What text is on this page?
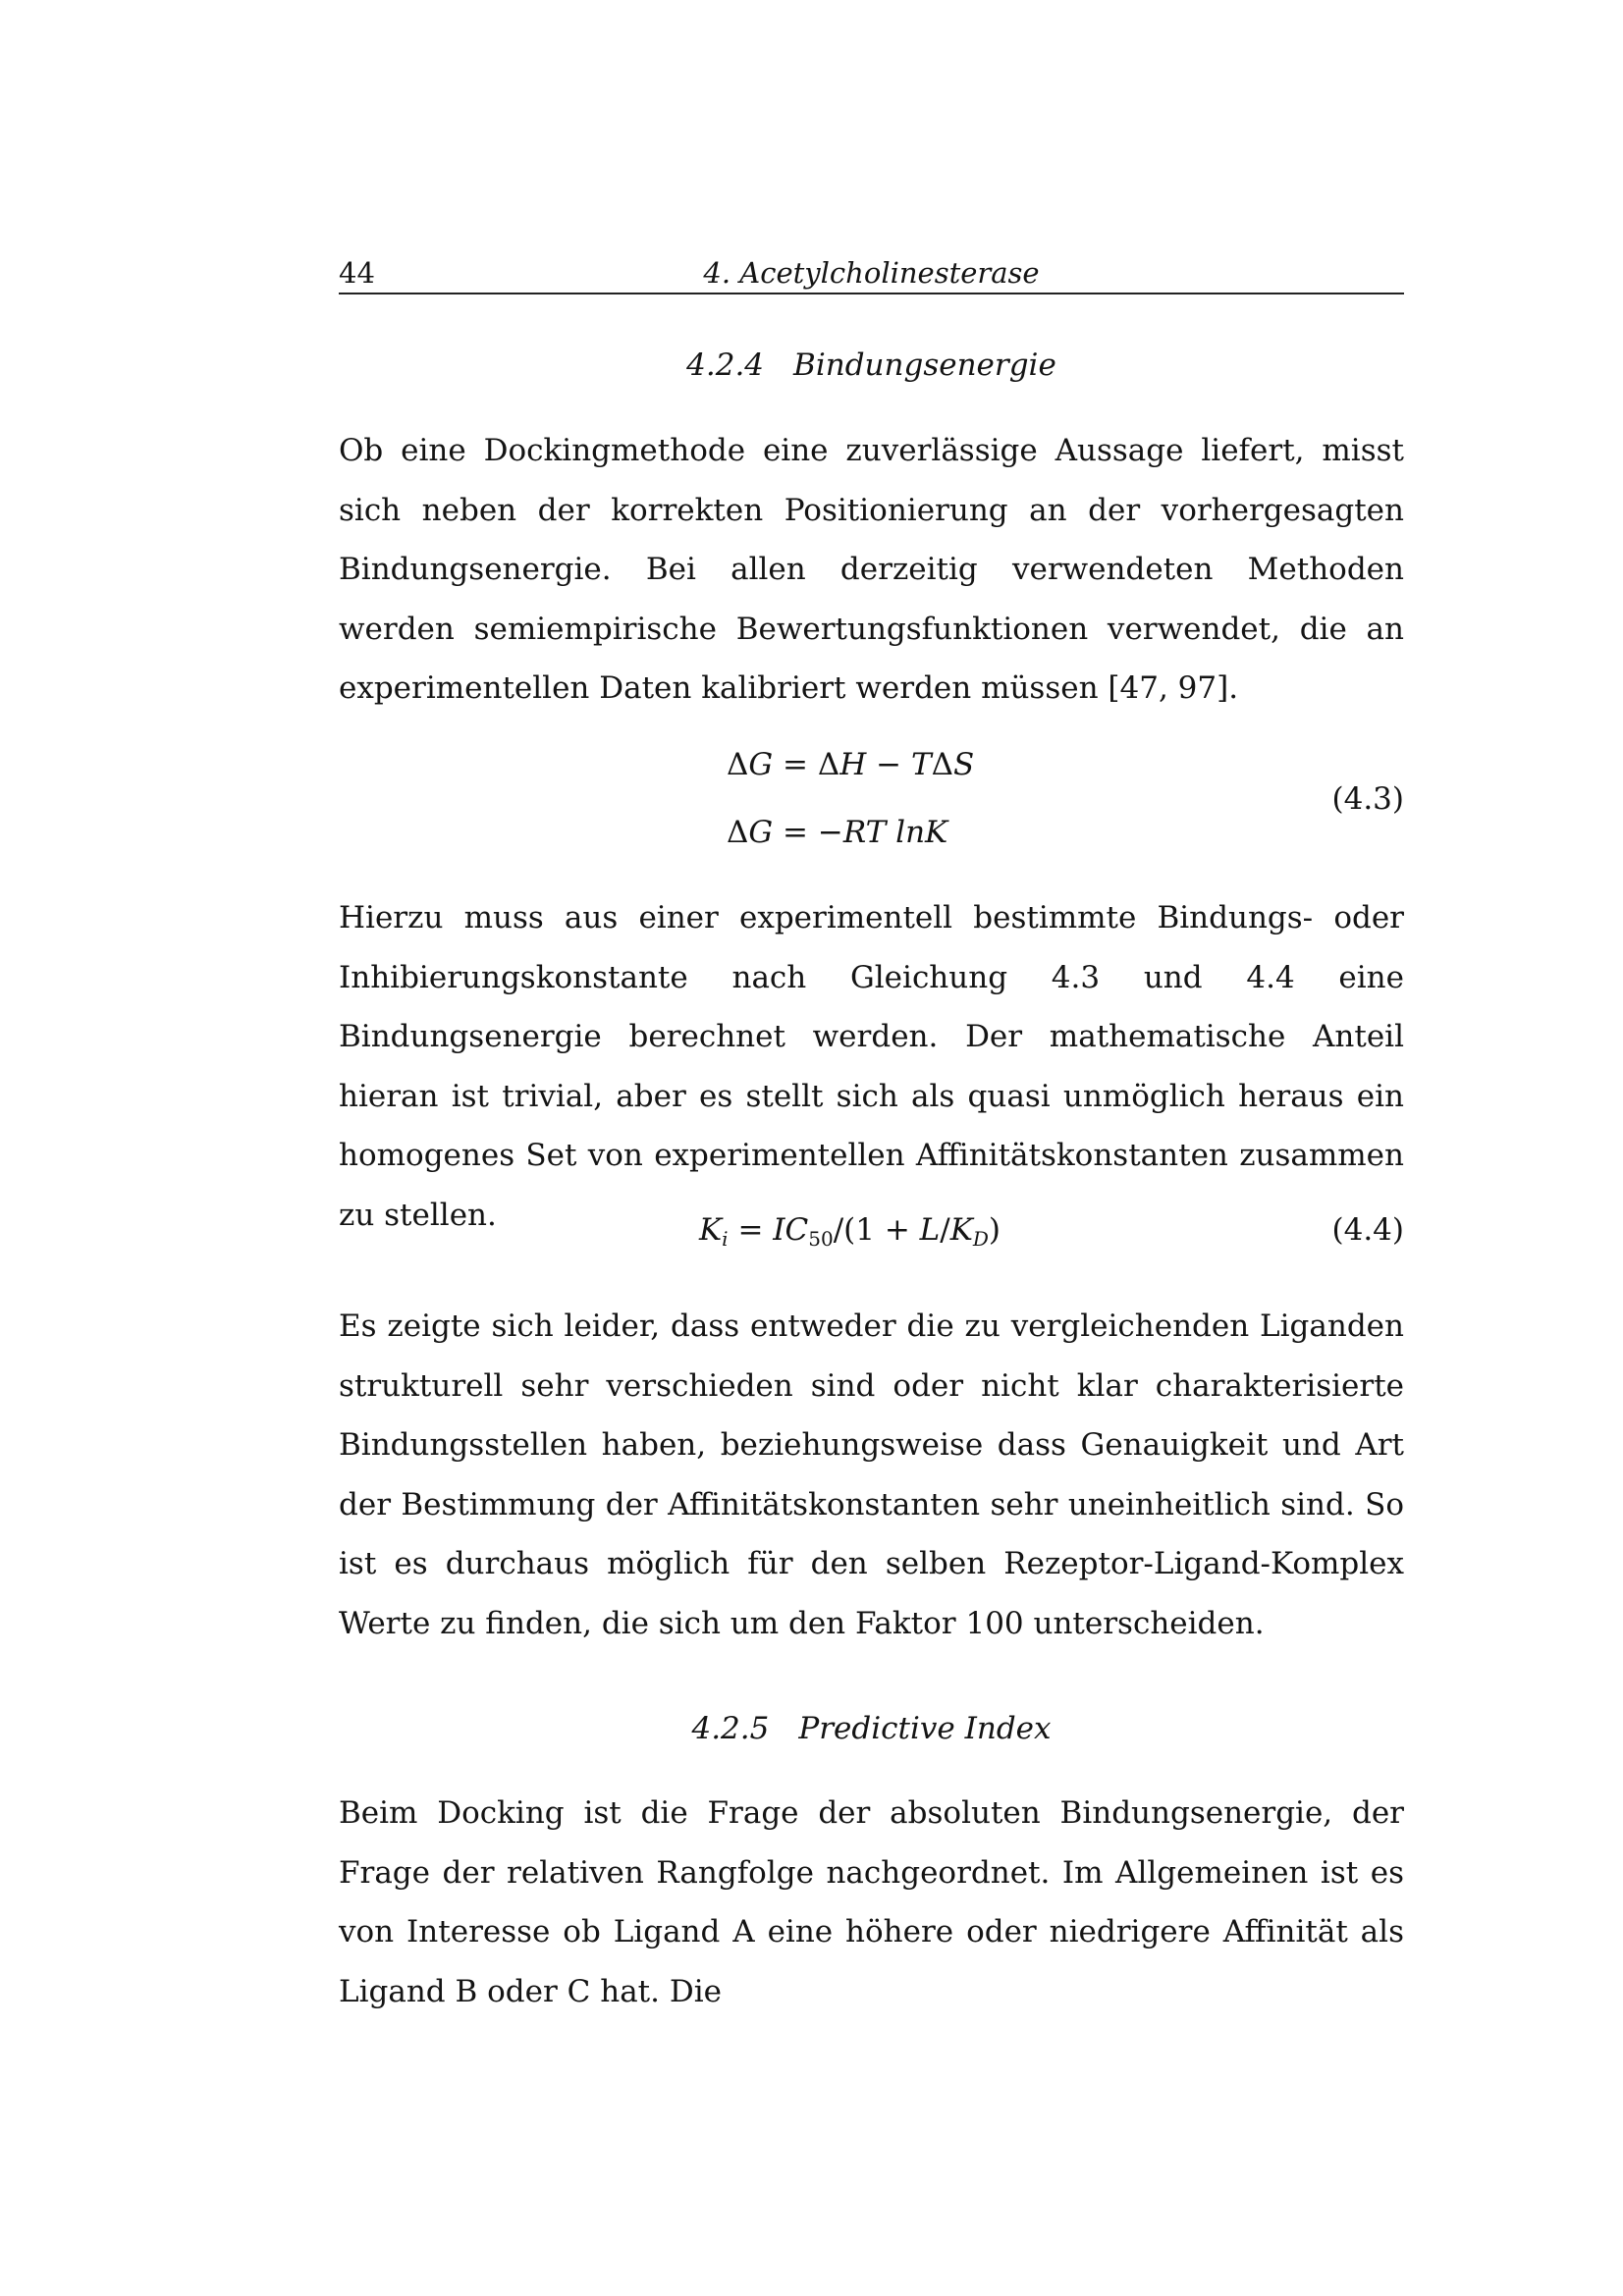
44	4. Acetylcholinesterase
4.2.4 Bindungsenergie

Ob eine Dockingmethode eine zuverlässige Aussage liefert, misst sich neben der korrekten Positionierung an der vorhergesagten Bindungsenergie. Bei allen derzeitig verwendeten Methoden werden semiempirische Bewertungsfunktionen verwendet, die an experimentellen Daten kalibriert werden müssen [47, 97].

ΔG = ΔH − TΔS
ΔG = −RT lnK
(4.3)

Hierzu muss aus einer experimentell bestimmte Bindungs- oder Inhibierungskonstante nach Gleichung 4.3 und 4.4 eine Bindungsenergie berechnet werden. Der mathematische Anteil hieran ist trivial, aber es stellt sich als quasi unmöglich heraus ein homogenes Set von experimentellen Affinitätskonstanten zusammen zu stellen.	$K_i = IC_{50}/(1 + L/K_D)$	(4.4)

Es zeigte sich leider, dass entweder die zu vergleichenden Liganden strukturell sehr verschieden sind oder nicht klar charakterisierte Bindungsstellen haben, beziehungsweise dass Genauigkeit und Art der Bestimmung der Affinitätskonstanten sehr uneinheitlich sind. So ist es durchaus möglich für den selben Rezeptor-Ligand-Komplex Werte zu finden, die sich um den Faktor 100 unterscheiden.

4.2.5 Predictive Index

Beim Docking ist die Frage der absoluten Bindungsenergie, der Frage der relativen Rangfolge nachgeordnet. Im Allgemeinen ist es von Interesse ob Ligand A eine höhere oder niedrigere Affinität als Ligand B oder C hat. Die
